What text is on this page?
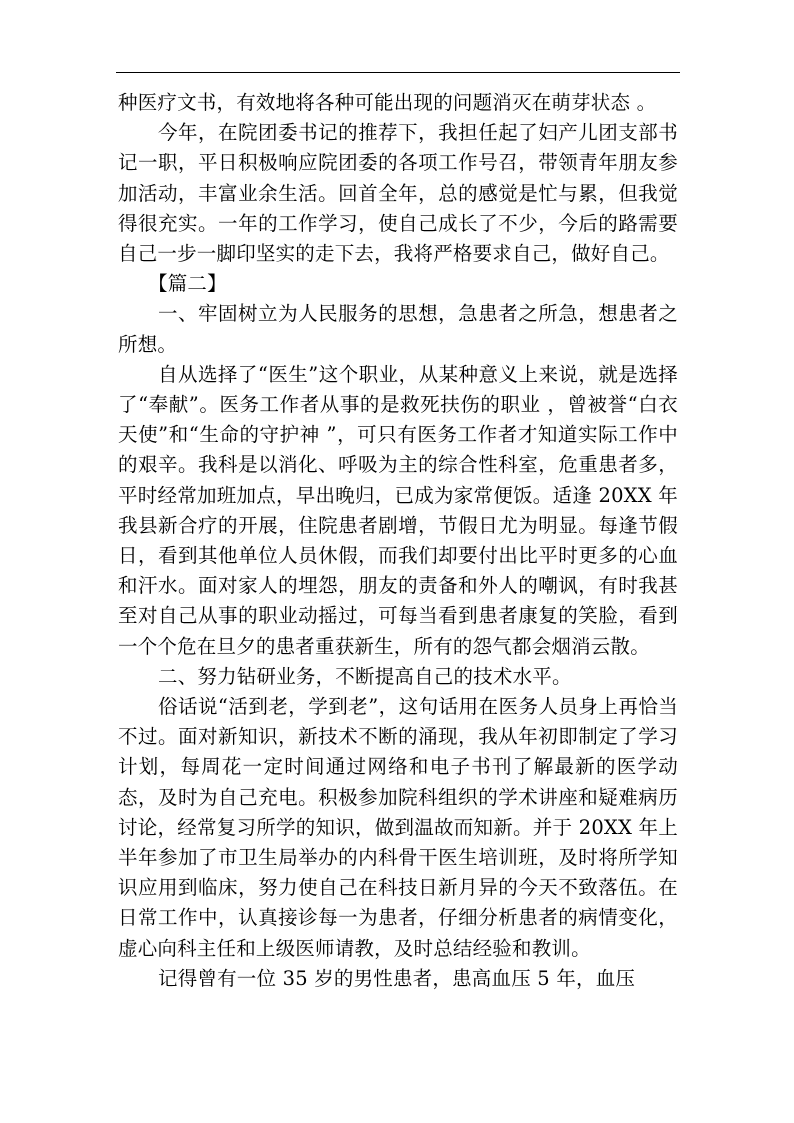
种医疗文书，有效地将各种可能出现的问题消灭在萌芽状态 。

今年，在院团委书记的推荐下，我担任起了妇产儿团支部书记一职，平日积极响应院团委的各项工作号召，带领青年朋友参加活动，丰富业余生活。回首全年，总的感觉是忙与累，但我觉得很充实。一年的工作学习，使自己成长了不少，今后的路需要自己一步一脚印坚实的走下去，我将严格要求自己，做好自己。

【篇二】

一、牢固树立为人民服务的思想，急患者之所急，想患者之所想。

自从选择了“医生”这个职业，从某种意义上来说，就是选择了“奉献”。医务工作者从事的是救死扶伤的职业 ，曾被誉“白衣天使”和“生命的守护神 ”，可只有医务工作者才知道实际工作中的艰辛。我科是以消化、呼吸为主的综合性科室，危重患者多，平时经常加班加点，早出晚归，已成为家常便饭。适逢 20XX 年我县新合疗的开展，住院患者剧增，节假日尤为明显。每逢节假日，看到其他单位人员休假，而我们却要付出比平时更多的心血和汗水。面对家人的埋怨，朋友的责备和外人的嘲讽，有时我甚至对自己从事的职业动摇过，可每当看到患者康复的笑脸，看到一个个危在旦夕的患者重获新生，所有的怨气都会烟消云散。

二、努力钻研业务，不断提高自己的技术水平。

俗话说“活到老，学到老”，这句话用在医务人员身上再恰当不过。面对新知识，新技术不断的涌现，我从年初即制定了学习计划，每周花一定时间通过网络和电子书刊了解最新的医学动态，及时为自己充电。积极参加院科组织的学术讲座和疑难病历讨论，经常复习所学的知识，做到温故而知新。并于 20XX 年上半年参加了市卫生局举办的内科骨干医生培训班，及时将所学知识应用到临床，努力使自己在科技日新月异的今天不致落伍。在日常工作中，认真接诊每一为患者，仔细分析患者的病情变化，虚心向科主任和上级医师请教，及时总结经验和教训。

记得曾有一位 35 岁的男性患者，患高血压 5 年，血压
